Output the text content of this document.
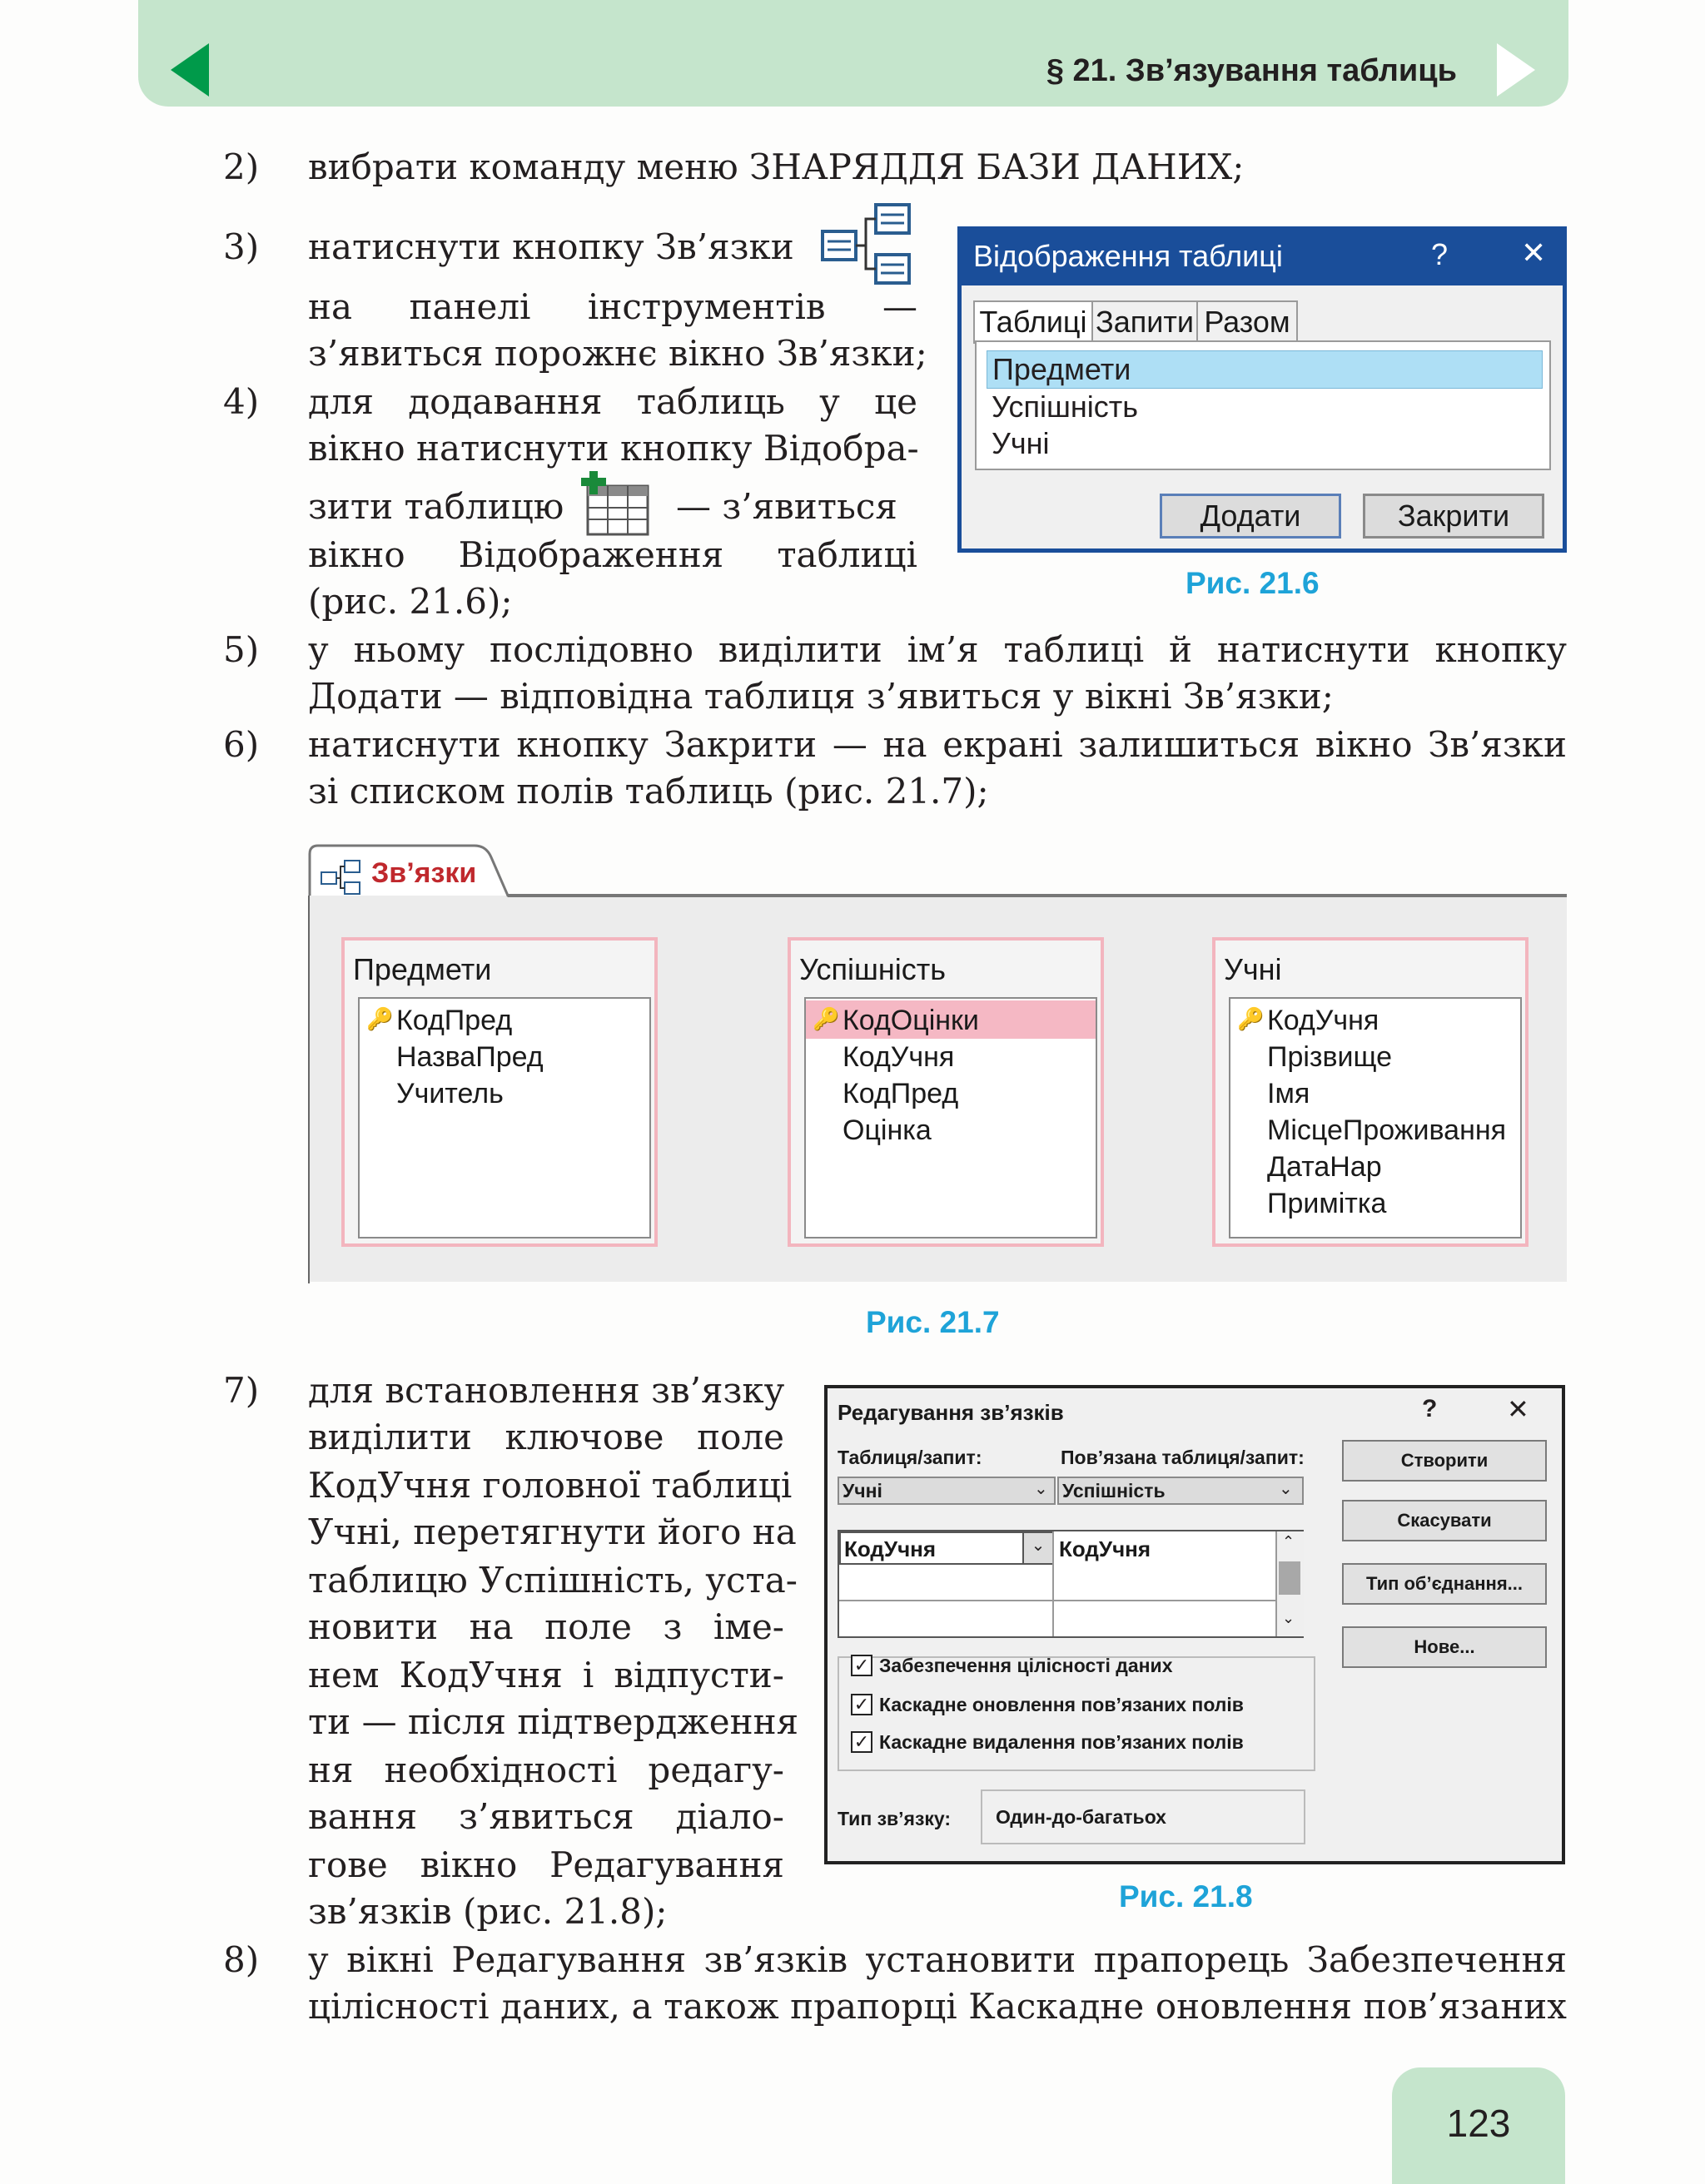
§ 21. Зв’язування таблиць
2)	вибрати команду меню ЗНАРЯДДЯ БАЗИ ДАНИХ;
3)	натиснути кнопку Зв’язки
на панелі інструментів —
з’явиться порожнє вікно Зв’язки;
4)	для додавання таблиць у це
вікно натиснути кнопку Відобра-
зити таблицю	— з’явиться
вікно Відображення таблиці
(рис. 21.6);
Відображення таблиці	? ✕
Таблиці Запити Разом
Предмети
Успішність
Учні
Додати	Закрити
Рис. 21.6
5)	у ньому послідовно виділити ім’я таблиці й натиснути кнопку
Додати — відповідна таблиця з’явиться у вікні Зв’язки;
6)	натиснути кнопку Закрити — на екрані залишиться вікно Зв’язки
зі списком полів таблиць (рис. 21.7);
Зв’язки
Предмети
🔑 КодПред
НазваПред
Учитель
Успішність
🔑 КодОцінки
КодУчня
КодПред
Оцінка
Учні
🔑 КодУчня
Прізвище
Імя
МісцеПроживання
ДатаНар
Примітка
Рис. 21.7
7)	для встановлення зв’язку
виділити ключове поле
КодУчня головної таблиці
Учні, перетягнути його на
таблицю Успішність, уста-
новити на поле з іме-
нем КодУчня і відпусти-
ти — після підтвердження
ня необхідності редагу-
вання з’явиться діало-
гове вікно Редагування
зв’язків (рис. 21.8);
Редагування зв’язків	?	✕
Таблиця/запит:	Пов’язана таблиця/запит:
Учні	⌄ Успішність	⌄
КодУчня	⌄ КодУчня	⌃
⌄
✓ Забезпечення цілісності даних
✓ Каскадне оновлення пов’язаних полів
✓ Каскадне видалення пов’язаних полів
Тип зв’язку: Один-до-багатьох
Створити
Скасувати
Тип об’єднання...
Нове...
Рис. 21.8
8)	у вікні Редагування зв’язків установити прапорець Забезпечення
цілісності даних, а також прапорці Каскадне оновлення пов’язаних
123
